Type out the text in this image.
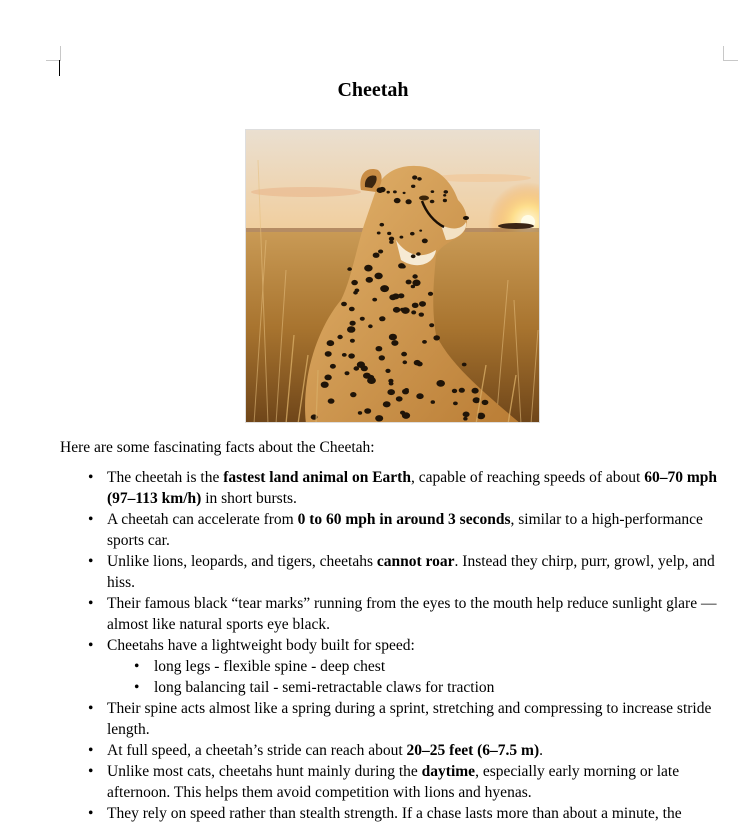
Cheetah
Here are some fascinating facts about the Cheetah:
• The cheetah is the fastest land animal on Earth, capable of reaching speeds of about 60–70 mph (97–113 km/h) in short bursts.
• A cheetah can accelerate from 0 to 60 mph in around 3 seconds, similar to a high-performance sports car.
• Unlike lions, leopards, and tigers, cheetahs cannot roar. Instead they chirp, purr, growl, yelp, and hiss.
• Their famous black “tear marks” running from the eyes to the mouth help reduce sunlight glare — almost like natural sports eye black.
• Cheetahs have a lightweight body built for speed:
• long legs - flexible spine - deep chest
• long balancing tail - semi-retractable claws for traction
• Their spine acts almost like a spring during a sprint, stretching and compressing to increase stride length.
• At full speed, a cheetah’s stride can reach about 20–25 feet (6–7.5 m).
• Unlike most cats, cheetahs hunt mainly during the daytime, especially early morning or late afternoon. This helps them avoid competition with lions and hyenas.
• They rely on speed rather than stealth strength. If a chase lasts more than about a minute, the
